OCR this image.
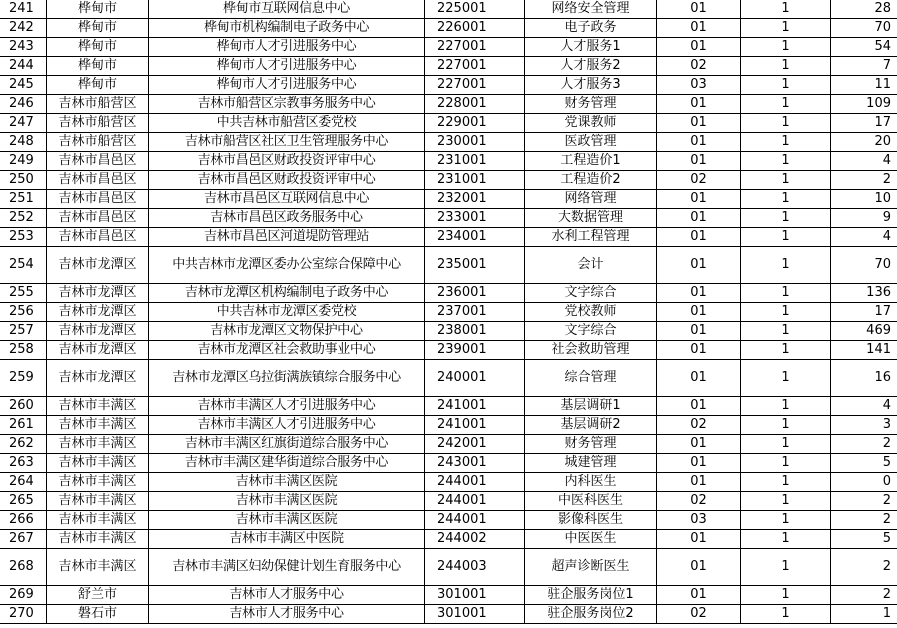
241	桦甸市	桦甸市互联网信息中心	225001	网络安全管理	01	1	28
242	桦甸市	桦甸市机构编制电子政务中心	226001	电子政务	01	1	70
243	桦甸市	桦甸市人才引进服务中心	227001	人才服务1	01	1	54
244	桦甸市	桦甸市人才引进服务中心	227001	人才服务2	02	1	7
245	桦甸市	桦甸市人才引进服务中心	227001	人才服务3	03	1	11
246	吉林市船营区	吉林市船营区宗教事务服务中心	228001	财务管理	01	1	109
247	吉林市船营区	中共吉林市船营区委党校	229001	党课教师	01	1	17
248	吉林市船营区	吉林市船营区社区卫生管理服务中心	230001	医政管理	01	1	20
249	吉林市昌邑区	吉林市昌邑区财政投资评审中心	231001	工程造价1	01	1	4
250	吉林市昌邑区	吉林市昌邑区财政投资评审中心	231001	工程造价2	02	1	2
251	吉林市昌邑区	吉林市昌邑区互联网信息中心	232001	网络管理	01	1	10
252	吉林市昌邑区	吉林市昌邑区政务服务中心	233001	大数据管理	01	1	9
253	吉林市昌邑区	吉林市昌邑区河道堤防管理站	234001	水利工程管理	01	1	4
254	吉林市龙潭区	中共吉林市龙潭区委办公室综合保障中心	235001	会计	01	1	70
255	吉林市龙潭区	吉林市龙潭区机构编制电子政务中心	236001	文字综合	01	1	136
256	吉林市龙潭区	中共吉林市龙潭区委党校	237001	党校教师	01	1	17
257	吉林市龙潭区	吉林市龙潭区文物保护中心	238001	文字综合	01	1	469
258	吉林市龙潭区	吉林市龙潭区社会救助事业中心	239001	社会救助管理	01	1	141
259	吉林市龙潭区	吉林市龙潭区乌拉街满族镇综合服务中心	240001	综合管理	01	1	16
260	吉林市丰满区	吉林市丰满区人才引进服务中心	241001	基层调研1	01	1	4
261	吉林市丰满区	吉林市丰满区人才引进服务中心	241001	基层调研2	02	1	3
262	吉林市丰满区	吉林市丰满区红旗街道综合服务中心	242001	财务管理	01	1	2
263	吉林市丰满区	吉林市丰满区建华街道综合服务中心	243001	城建管理	01	1	5
264	吉林市丰满区	吉林市丰满区医院	244001	内科医生	01	1	0
265	吉林市丰满区	吉林市丰满区医院	244001	中医科医生	02	1	2
266	吉林市丰满区	吉林市丰满区医院	244001	影像科医生	03	1	2
267	吉林市丰满区	吉林市丰满区中医院	244002	中医医生	01	1	5
268	吉林市丰满区	吉林市丰满区妇幼保健计划生育服务中心	244003	超声诊断医生	01	1	2
269	舒兰市	吉林市人才服务中心	301001	驻企服务岗位1	01	1	2
270	磐石市	吉林市人才服务中心	301001	驻企服务岗位2	02	1	1
